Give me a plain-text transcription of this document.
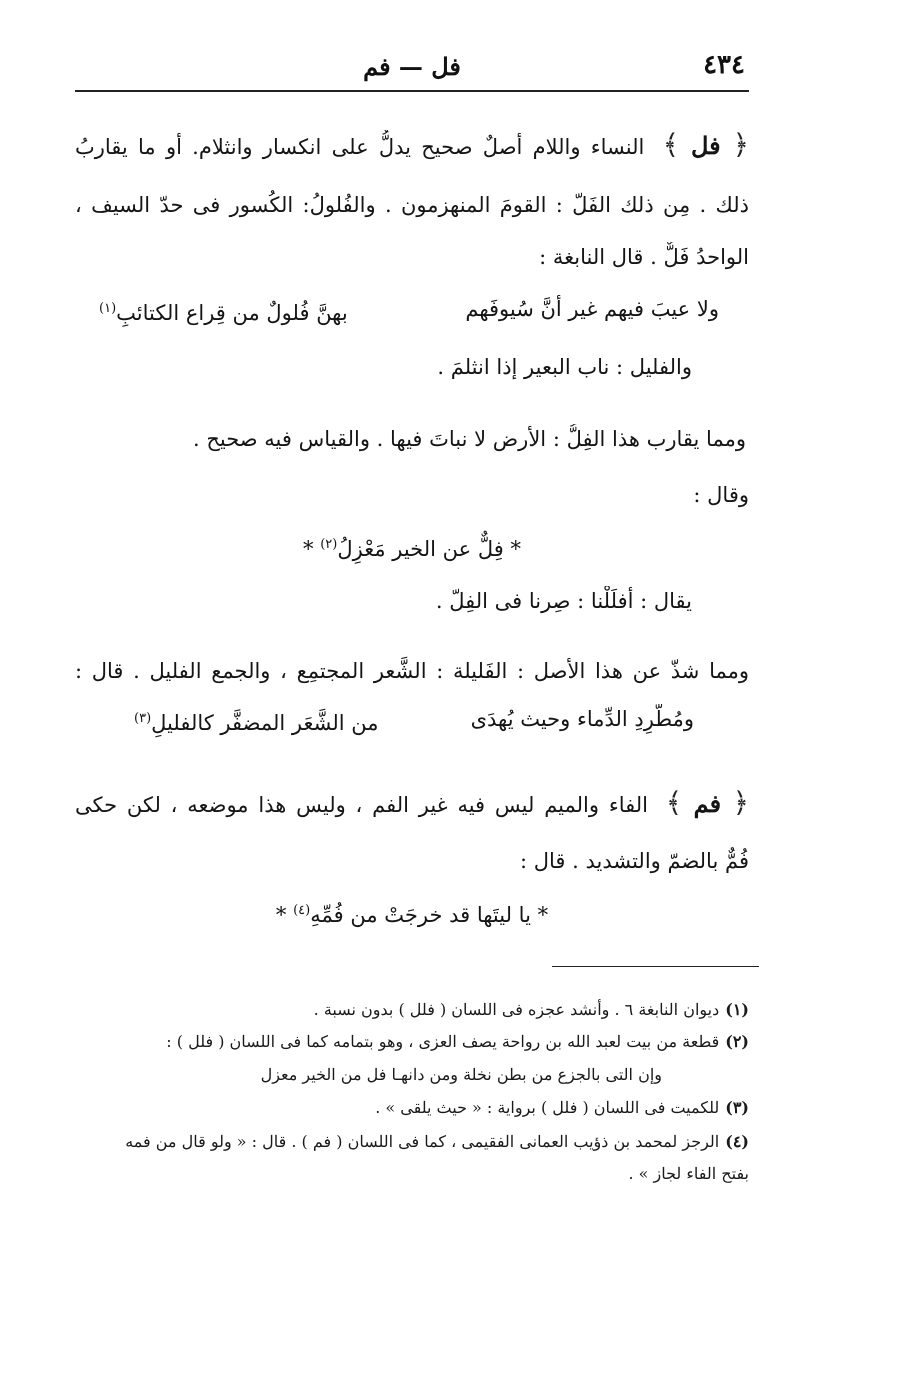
٤٣٤
فل — فم
﴿ فل ﴾ النساء واللام أصلٌ صحيح يدلُّ على انكسار وانثلام. أو ما يقاربُ
ذلك . مِن ذلك الفَلّ : القومَ المنهزمون . والفُلولُ: الكُسور فى حدّ السيف ،
الواحدُ فَلٌّ . قال النابغة :
ولا عيبَ فيهم غير أنَّ سُيوفَهم
بهنَّ فُلولٌ من قِراع الكتائبِ$^{(١)}$
والفليل : ناب البعير إذا انثلمَ .
ومما يقارب هذا الفِلُّ : الأرض لا نباتَ فيها . والقياس فيه صحيح .
وقال :
* فِلٌّ عن الخير مَعْزِلُ$^{(٢)}$ *
يقال : أفلَلْنا : صِرنا فى الفِلّ .
ومما شذّ عن هذا الأصل : الفَليلة : الشَّعر المجتمِع ، والجمع الفليل . قال :
ومُطَّرِدِ الدِّماء وحيث يُهدَى
من الشَّعَر المضفَّر كالفليلِ$^{(٣)}$
﴿ فم ﴾ الفاء والميم ليس فيه غير الفم ، وليس هذا موضعه ، لكن حكى
فُمٌّ بالضمّ والتشديد . قال :
* يا ليتَها قد خرجَتْ من فُمِّهِ$^{(٤)}$ *
(١)ديوان النابغة ٦ . وأنشد عجزه فى اللسان ( فلل ) بدون نسبة .
(٢)قطعة من بيت لعبد الله بن رواحة يصف العزى ، وهو بتمامه كما فى اللسان ( فلل ) :
وإن التى بالجزع من بطن نخلة ومن دانهـا فل من الخير معزل
(٣)للكميت فى اللسان ( فلل ) برواية : « حيث يلقى » .
(٤)الرجز لمحمد بن ذؤيب العمانى الفقيمى ، كما فى اللسان ( فم ) . قال : « ولو قال من فمه
بفتح الفاء لجاز » .
